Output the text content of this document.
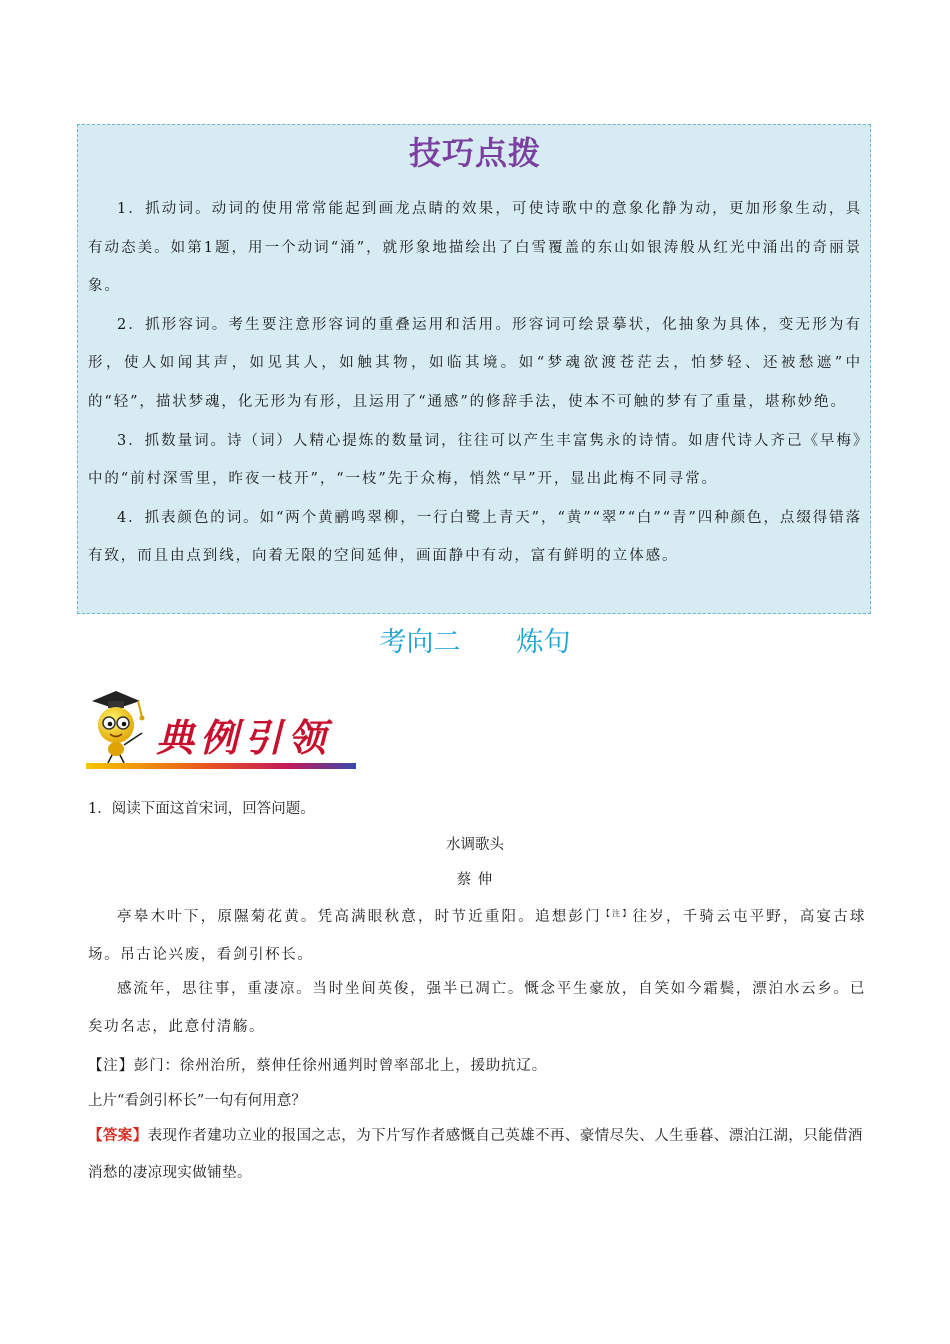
技巧点拨

1．抓动词。动词的使用常常能起到画龙点睛的效果，可使诗歌中的意象化静为动，更加形象生动，具有动态美。如第1题，用一个动词“涌”，就形象地描绘出了白雪覆盖的东山如银涛般从红光中涌出的奇丽景象。

2．抓形容词。考生要注意形容词的重叠运用和活用。形容词可绘景摹状，化抽象为具体，变无形为有形，使人如闻其声，如见其人，如触其物，如临其境。如“梦魂欲渡苍茫去，怕梦轻、还被愁遮”中的“轻”，描状梦魂，化无形为有形，且运用了“通感”的修辞手法，使本不可触的梦有了重量，堪称妙绝。

3．抓数量词。诗（词）人精心提炼的数量词，往往可以产生丰富隽永的诗情。如唐代诗人齐己《早梅》中的“前村深雪里，昨夜一枝开”，“一枝”先于众梅，悄然“早”开，显出此梅不同寻常。

4．抓表颜色的词。如“两个黄鹂鸣翠柳，一行白鹭上青天”，“黄”“翠”“白”“青”四种颜色，点缀得错落有致，而且由点到线，向着无限的空间延伸，画面静中有动，富有鲜明的立体感。

考向二 炼句
典例引领
1．阅读下面这首宋词，回答问题。
水调歌头
蔡 伸

亭皋木叶下，原隰菊花黄。凭高满眼秋意，时节近重阳。追想彭门$^{【注】}$往岁，千骑云屯平野，高宴古球场。吊古论兴废，看剑引杯长。

感流年，思往事，重凄凉。当时坐间英俊，强半已凋亡。慨念平生豪放，自笑如今霜鬓，漂泊水云乡。已矣功名志，此意付清觞。

【注】彭门：徐州治所，蔡伸任徐州通判时曾率部北上，援助抗辽。
上片“看剑引杯长”一句有何用意？
【答案】表现作者建功立业的报国之志，为下片写作者感慨自己英雄不再、豪情尽失、人生垂暮、漂泊江湖，只能借酒消愁的凄凉现实做铺垫。
